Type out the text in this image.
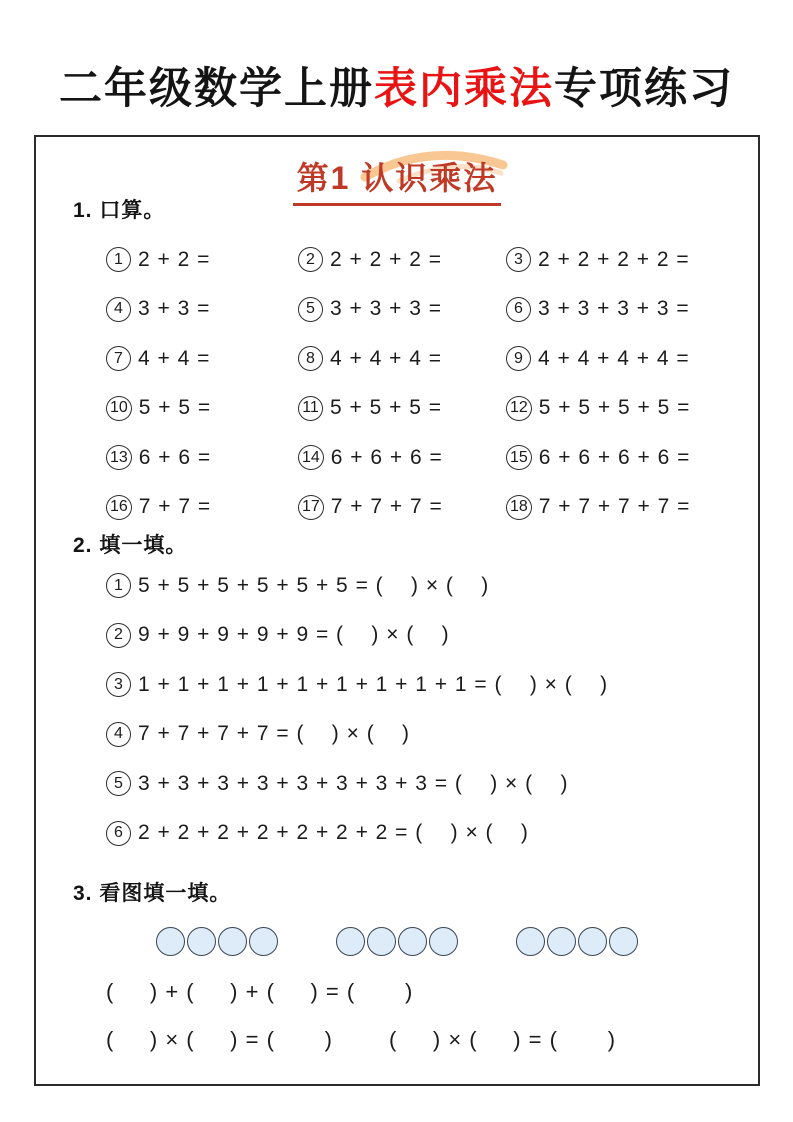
二年级数学上册表内乘法专项练习
第1 认识乘法
1. 口算。
1 2 + 2 =	2 2 + 2 + 2 =	3 2 + 2 + 2 + 2 =
4 3 + 3 =	5 3 + 3 + 3 =	6 3 + 3 + 3 + 3 =
7 4 + 4 =	8 4 + 4 + 4 =	9 4 + 4 + 4 + 4 =
10 5 + 5 =	11 5 + 5 + 5 =	12 5 + 5 + 5 + 5 =
13 6 + 6 =	14 6 + 6 + 6 =	15 6 + 6 + 6 + 6 =
16 7 + 7 =	17 7 + 7 + 7 =	18 7 + 7 + 7 + 7 =
2. 填一填。
1 5 + 5 + 5 + 5 + 5 + 5 = (    ) × (    )
2 9 + 9 + 9 + 9 + 9 = (    ) × (    )
3 1 + 1 + 1 + 1 + 1 + 1 + 1 + 1 + 1 = (    ) × (    )
4 7 + 7 + 7 + 7 = (    ) × (    )
5 3 + 3 + 3 + 3 + 3 + 3 + 3 + 3 = (    ) × (    )
6 2 + 2 + 2 + 2 + 2 + 2 + 2 = (    ) × (    )
3. 看图填一填。
(     ) + (     ) + (     ) = (       )
(     ) × (     ) = (       )	(     ) × (     ) = (       )
